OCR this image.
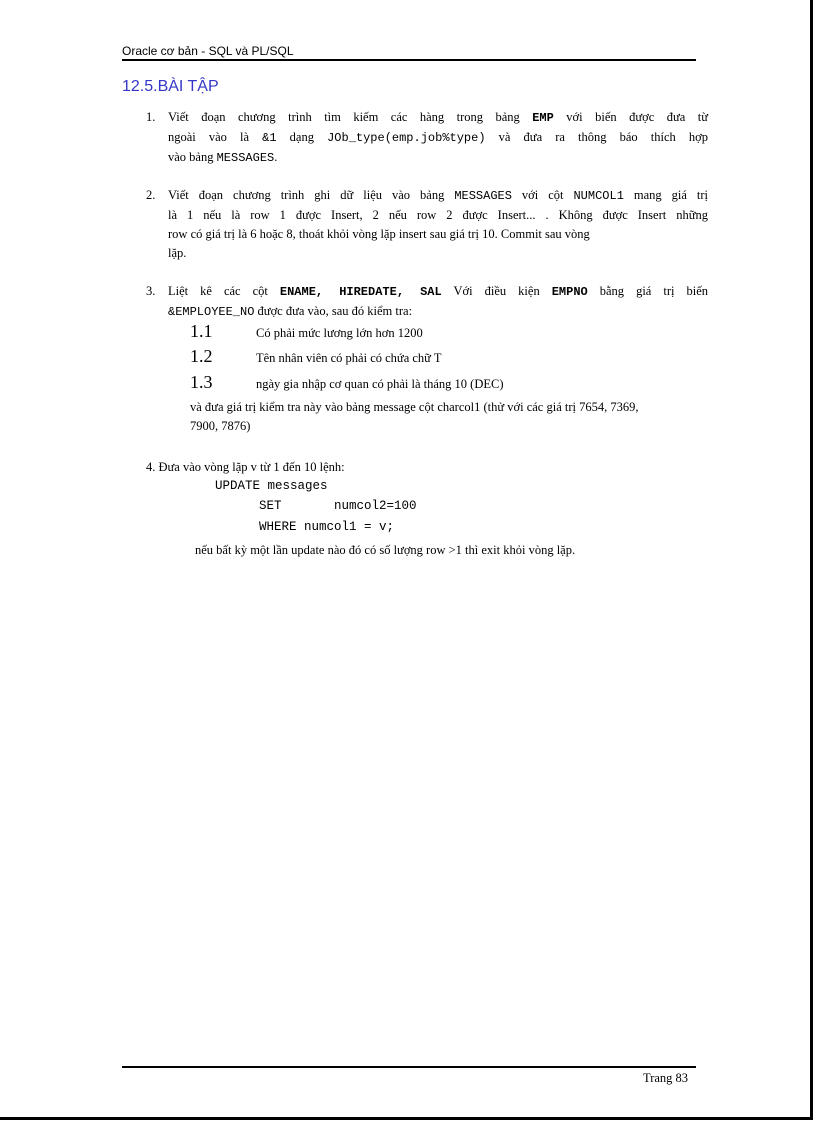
Oracle cơ bản - SQL và PL/SQL
12.5.BÀI TẬP
1. Viết đoạn chương trình tìm kiếm các hàng trong bảng EMP với biến được đưa từ
ngoài vào là &1 dạng JOb_type(emp.job%type) và đưa ra thông báo thích hợp
vào bảng MESSAGES.
2. Viết đoạn chương trình ghi dữ liệu vào bảng MESSAGES với cột NUMCOL1 mang giá trị
là 1 nếu là row 1 được Insert, 2 nếu row 2 được Insert... . Không được Insert những
row có giá trị là 6 hoặc 8, thoát khỏi vòng lặp insert sau giá trị 10. Commit sau vòng
lặp.
3. Liệt kê các cột ENAME, HIREDATE, SAL Với điều kiện EMPNO bằng giá trị biến
&EMPLOYEE_NO được đưa vào, sau đó kiểm tra:
1.1	Có phải mức lương lớn hơn 1200
1.2	Tên nhân viên có phải có chứa chữ T
1.3	ngày gia nhập cơ quan có phải là tháng 10 (DEC)
và đưa giá trị kiểm tra này vào bảng message cột charcol1 (thử với các giá trị 7654, 7369,
7900, 7876)
4. Đưa vào vòng lặp v từ 1 đến 10 lệnh:
UPDATE messages
SET       numcol2=100
WHERE numcol1 = v;
nếu bất kỳ một lần update nào đó có số lượng row >1 thì exit khỏi vòng lặp.
Trang 83
